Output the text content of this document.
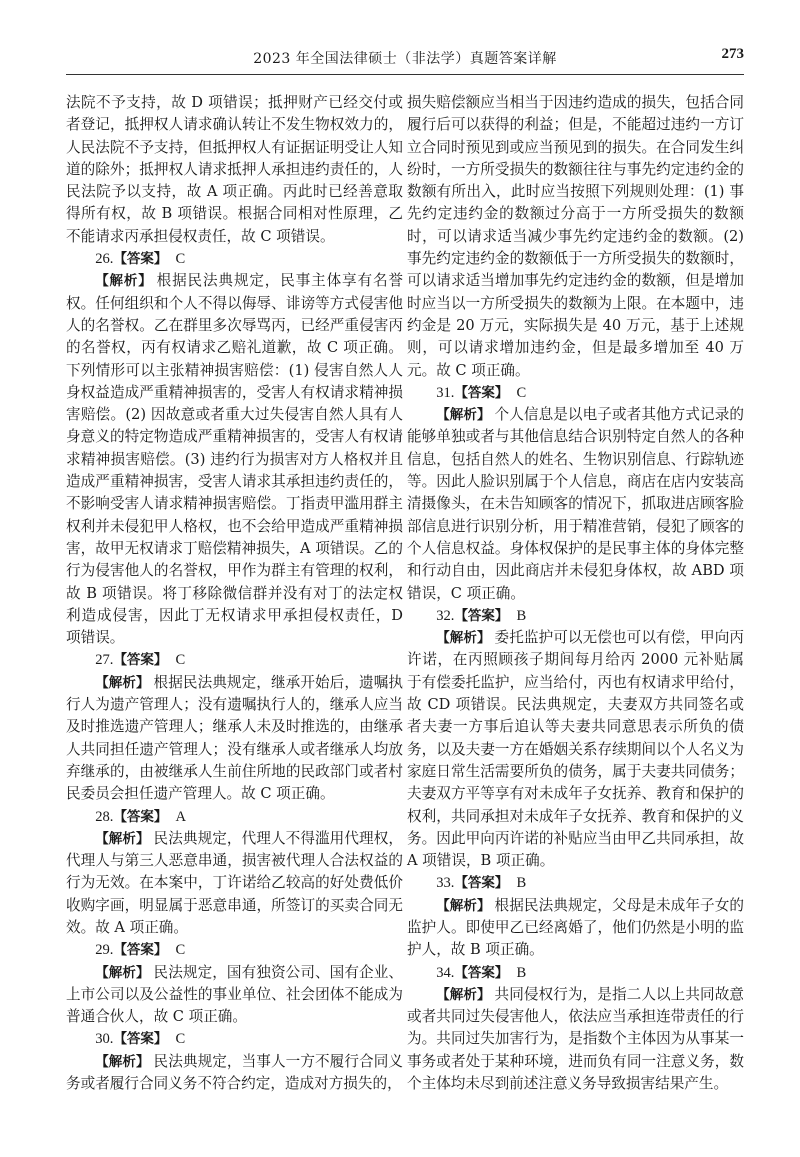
2023 年全国法律硕士（非法学）真题答案详解	273

法院不予支持，故 D 项错误；抵押财产已经交付或者登记，抵押权人请求确认转让不发生物权效力的，人民法院不予支持，但抵押权人有证据证明受让人知道的除外；抵押权人请求抵押人承担违约责任的，人民法院予以支持，故 A 项正确。丙此时已经善意取得所有权，故 B 项错误。根据合同相对性原理，乙不能请求丙承担侵权责任，故 C 项错误。

26.【答案】 C

【解析】 根据民法典规定，民事主体享有名誉权。任何组织和个人不得以侮辱、诽谤等方式侵害他人的名誉权。乙在群里多次辱骂丙，已经严重侵害丙的名誉权，丙有权请求乙赔礼道歉，故 C 项正确。下列情形可以主张精神损害赔偿：(1) 侵害自然人人身权益造成严重精神损害的，受害人有权请求精神损害赔偿。(2) 因故意或者重大过失侵害自然人具有人身意义的特定物造成严重精神损害的，受害人有权请求精神损害赔偿。(3) 违约行为损害对方人格权并且造成严重精神损害，受害人请求其承担违约责任的，不影响受害人请求精神损害赔偿。丁指责甲滥用群主权利并未侵犯甲人格权，也不会给甲造成严重精神损害，故甲无权请求丁赔偿精神损失，A 项错误。乙的行为侵害他人的名誉权，甲作为群主有管理的权利，故 B 项错误。将丁移除微信群并没有对丁的法定权利造成侵害，因此丁无权请求甲承担侵权责任，D 项错误。

27.【答案】 C

【解析】 根据民法典规定，继承开始后，遗嘱执行人为遗产管理人；没有遗嘱执行人的，继承人应当及时推选遗产管理人；继承人未及时推选的，由继承人共同担任遗产管理人；没有继承人或者继承人均放弃继承的，由被继承人生前住所地的民政部门或者村民委员会担任遗产管理人。故 C 项正确。

28.【答案】 A

【解析】 民法典规定，代理人不得滥用代理权，代理人与第三人恶意串通，损害被代理人合法权益的行为无效。在本案中，丁许诺给乙较高的好处费低价收购字画，明显属于恶意串通，所签订的买卖合同无效。故 A 项正确。

29.【答案】 C

【解析】 民法规定，国有独资公司、国有企业、上市公司以及公益性的事业单位、社会团体不能成为普通合伙人，故 C 项正确。

30.【答案】 C

【解析】 民法典规定，当事人一方不履行合同义务或者履行合同义务不符合约定，造成对方损失的，

损失赔偿额应当相当于因违约造成的损失，包括合同履行后可以获得的利益；但是，不能超过违约一方订立合同时预见到或应当预见到的损失。在合同发生纠纷时，一方所受损失的数额往往与事先约定违约金的数额有所出入，此时应当按照下列规则处理：(1) 事先约定违约金的数额过分高于一方所受损失的数额时，可以请求适当减少事先约定违约金的数额。(2) 事先约定违约金的数额低于一方所受损失的数额时，可以请求适当增加事先约定违约金的数额，但是增加时应当以一方所受损失的数额为上限。在本题中，违约金是 20 万元，实际损失是 40 万元，基于上述规则，可以请求增加违约金，但是最多增加至 40 万元。故 C 项正确。

31.【答案】 C

【解析】 个人信息是以电子或者其他方式记录的能够单独或者与其他信息结合识别特定自然人的各种信息，包括自然人的姓名、生物识别信息、行踪轨迹等。因此人脸识别属于个人信息，商店在店内安装高清摄像头，在未告知顾客的情况下，抓取进店顾客脸部信息进行识别分析，用于精准营销，侵犯了顾客的个人信息权益。身体权保护的是民事主体的身体完整和行动自由，因此商店并未侵犯身体权，故 ABD 项错误，C 项正确。

32.【答案】 B

【解析】 委托监护可以无偿也可以有偿，甲向丙许诺，在丙照顾孩子期间每月给丙 2000 元补贴属于有偿委托监护，应当给付，丙也有权请求甲给付，故 CD 项错误。民法典规定，夫妻双方共同签名或者夫妻一方事后追认等夫妻共同意思表示所负的债务，以及夫妻一方在婚姻关系存续期间以个人名义为家庭日常生活需要所负的债务，属于夫妻共同债务；夫妻双方平等享有对未成年子女抚养、教育和保护的权利，共同承担对未成年子女抚养、教育和保护的义务。因此甲向丙许诺的补贴应当由甲乙共同承担，故 A 项错误，B 项正确。

33.【答案】 B

【解析】 根据民法典规定，父母是未成年子女的监护人。即使甲乙已经离婚了，他们仍然是小明的监护人，故 B 项正确。

34.【答案】 B

【解析】 共同侵权行为，是指二人以上共同故意或者共同过失侵害他人，依法应当承担连带责任的行为。共同过失加害行为，是指数个主体因为从事某一事务或者处于某种环境，进而负有同一注意义务，数个主体均未尽到前述注意义务导致损害结果产生。
